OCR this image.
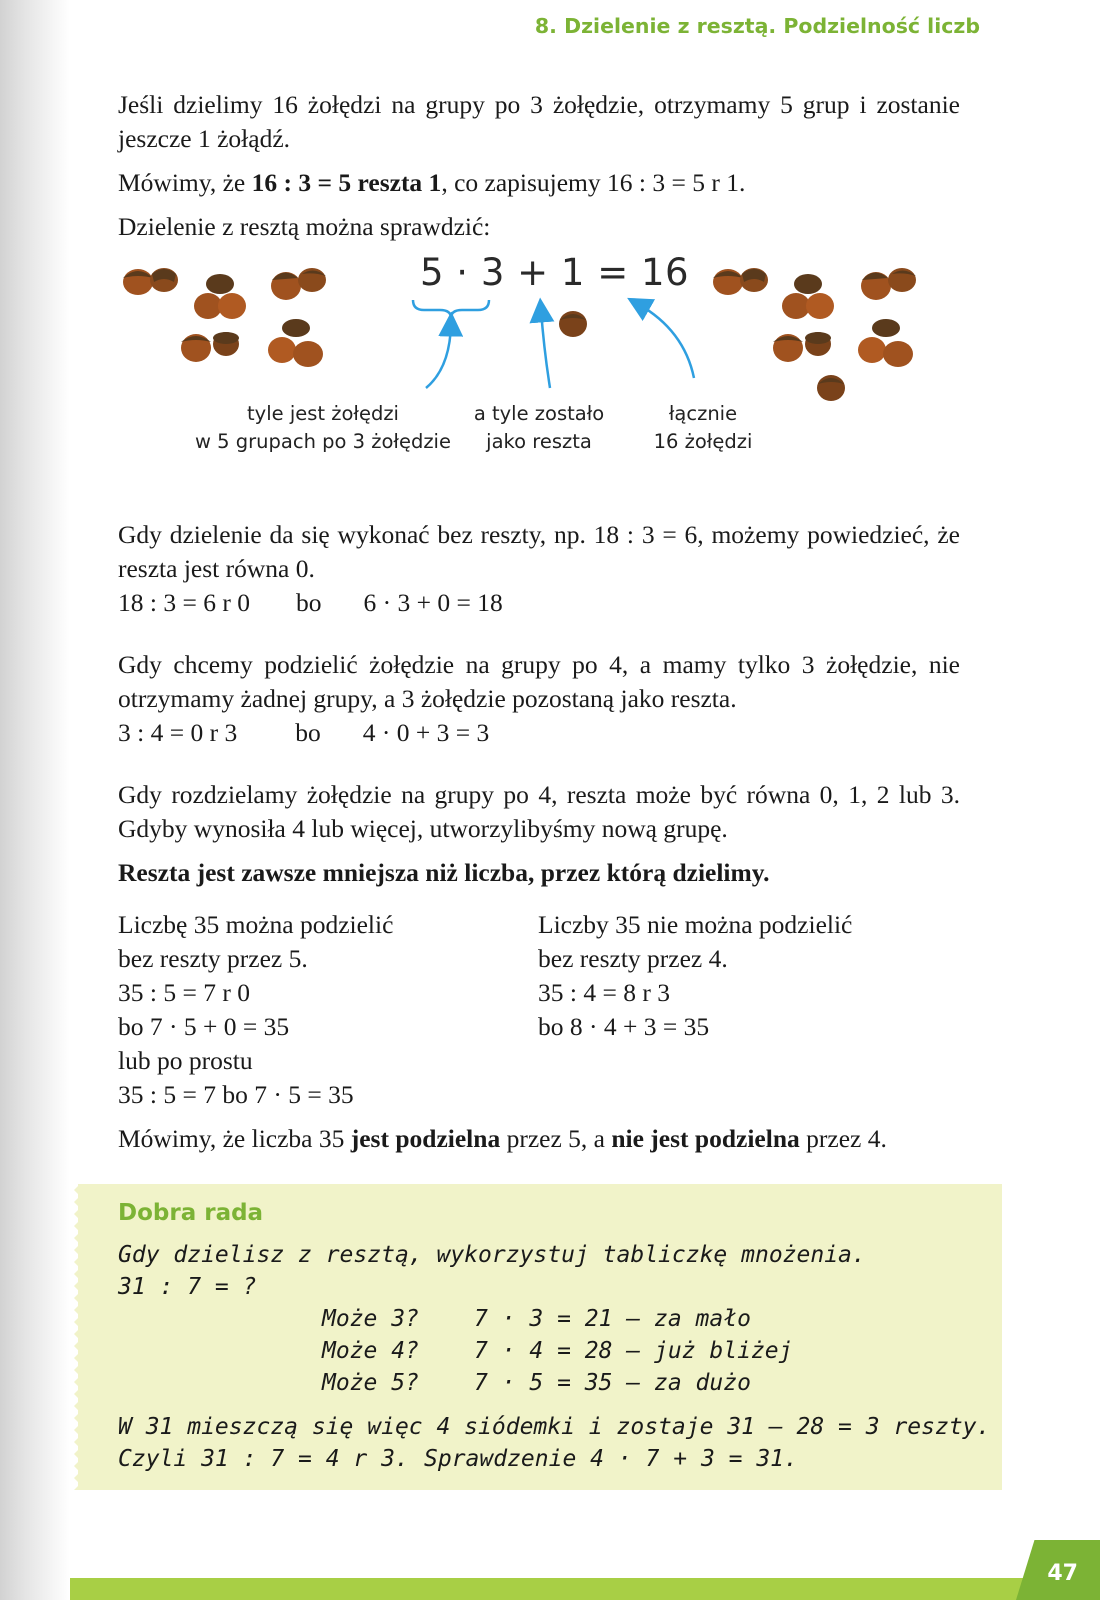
8. Dzielenie z resztą. Podzielność liczb

Jeśli dzielimy 16 żołędzi na grupy po 3 żołędzie, otrzymamy 5 grup i zostanie jeszcze 1 żołądź.

Mówimy, że 16 : 3 = 5 reszta 1, co zapisujemy 16 : 3 = 5 r 1.

Dzielenie z resztą można sprawdzić:

5 · 3 + 1 = 16
tyle jest żołędzi
w 5 grupach po 3 żołędzie
a tyle zostało
jako reszta
łącznie
16 żołędzi

Gdy dzielenie da się wykonać bez reszty, np. 18 : 3 = 6, możemy powiedzieć, że reszta jest równa 0.

18 : 3 = 6 r 0 bo 6 · 3 + 0 = 18

Gdy chcemy podzielić żołędzie na grupy po 4, a mamy tylko 3 żołędzie, nie otrzymamy żadnej grupy, a 3 żołędzie pozostaną jako reszta.

3 : 4 = 0 r 3 bo 4 · 0 + 3 = 3

Gdy rozdzielamy żołędzie na grupy po 4, reszta może być równa 0, 1, 2 lub 3. Gdyby wynosiła 4 lub więcej, utworzylibyśmy nową grupę.

Reszta jest zawsze mniejsza niż liczba, przez którą dzielimy.

Liczbę 35 można podzielić

bez reszty przez 5.

35 : 5 = 7 r 0

bo 7 · 5 + 0 = 35

lub po prostu

35 : 5 = 7 bo 7 · 5 = 35

Liczby 35 nie można podzielić

bez reszty przez 4.

35 : 4 = 8 r 3

bo 8 · 4 + 3 = 35

Mówimy, że liczba 35 jest podzielna przez 5, a nie jest podzielna przez 4.

Dobra rada
Gdy dzielisz z resztą, wykorzystuj tabliczkę mnożenia.
31 : 7 = ?
Może 3? 7 · 3 = 21 – za mało
Może 4? 7 · 4 = 28 – już bliżej
Może 5? 7 · 5 = 35 – za dużo
W 31 mieszczą się więc 4 siódemki i zostaje 31 – 28 = 3 reszty.
Czyli 31 : 7 = 4 r 3. Sprawdzenie 4 · 7 + 3 = 31.
47
